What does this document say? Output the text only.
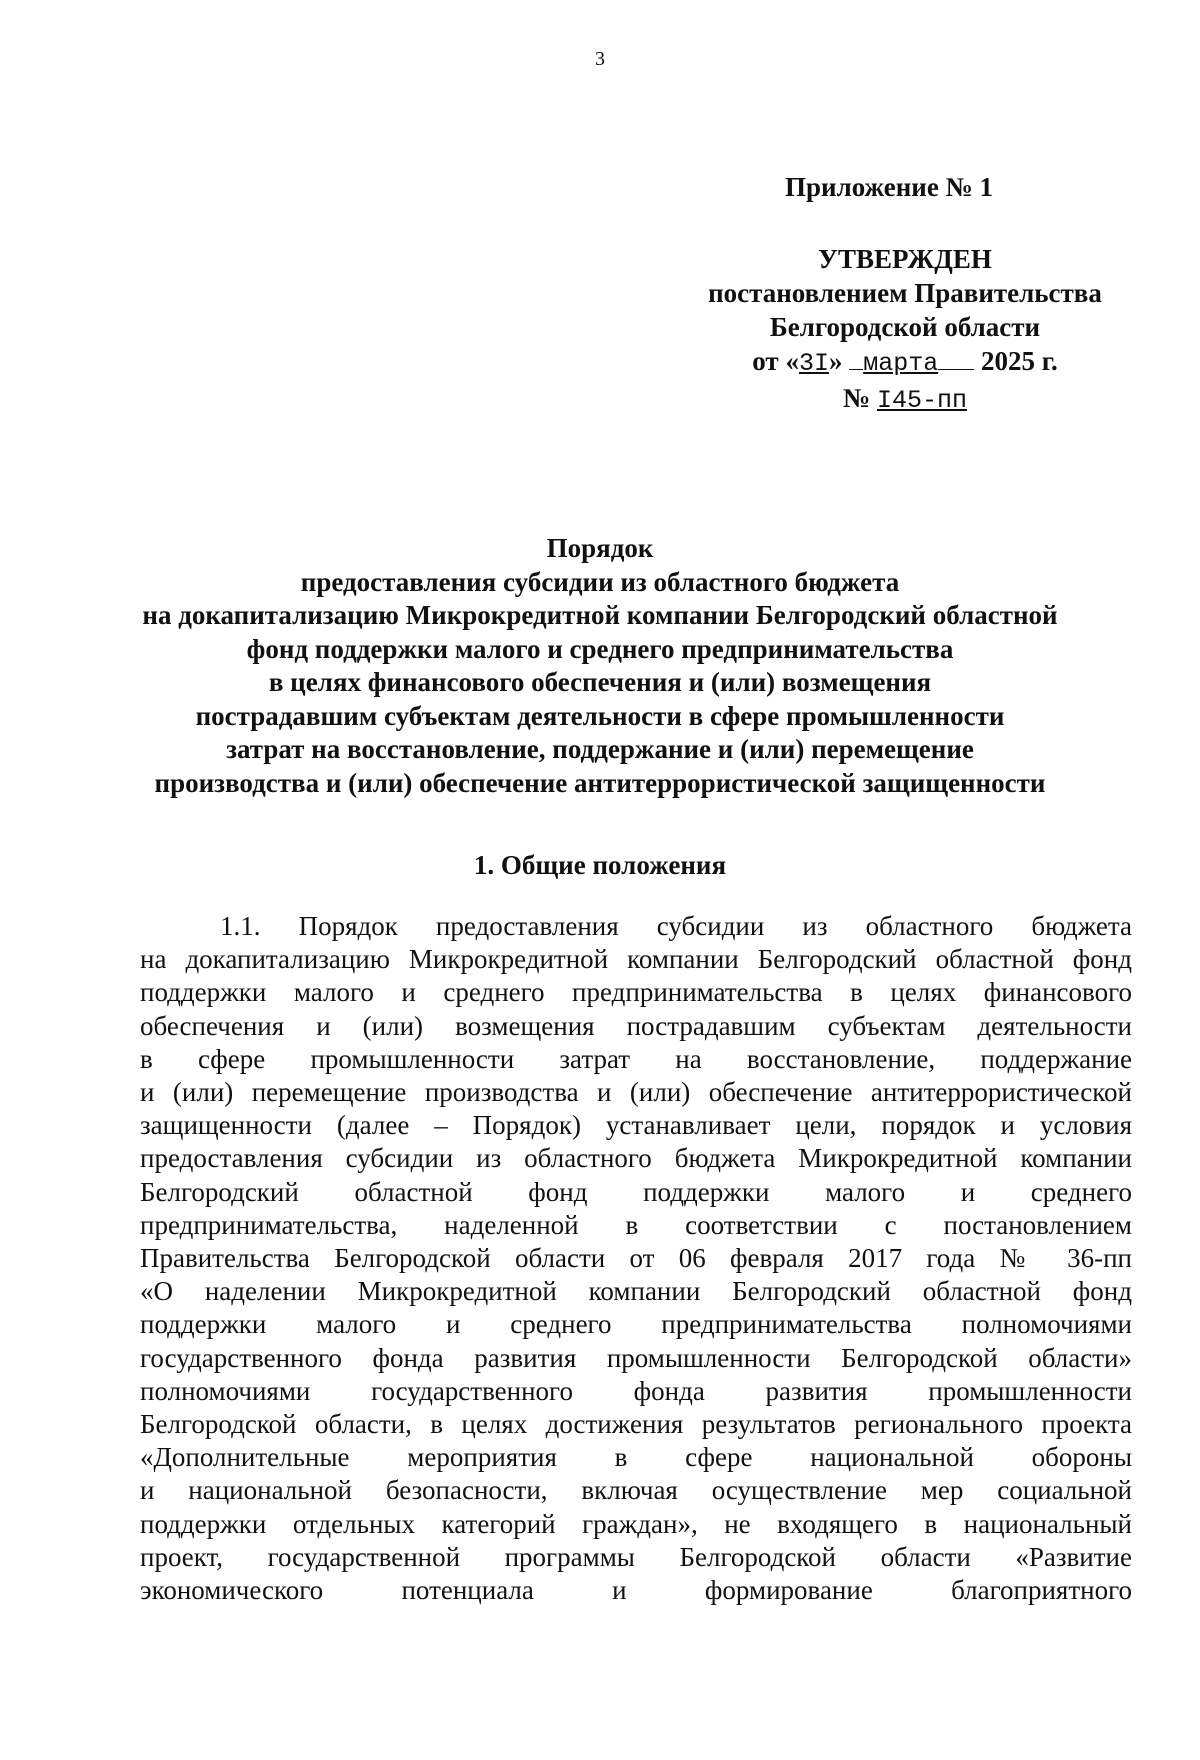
3
Приложение № 1
УТВЕРЖДЕН
постановлением Правительства
Белгородской области
от «3I» марта 2025 г.
№ I45-пп
Порядок
предоставления субсидии из областного бюджета
на докапитализацию Микрокредитной компании Белгородский областной
фонд поддержки малого и среднего предпринимательства
в целях финансового обеспечения и (или) возмещения
пострадавшим субъектам деятельности в сфере промышленности
затрат на восстановление, поддержание и (или) перемещение
производства и (или) обеспечение антитеррористической защищенности
1. Общие положения
1.1. Порядок предоставления субсидии из областного бюджета
на докапитализацию Микрокредитной компании Белгородский областной фонд
поддержки малого и среднего предпринимательства в целях финансового
обеспечения и (или) возмещения пострадавшим субъектам деятельности
в сфере промышленности затрат на восстановление, поддержание
и (или) перемещение производства и (или) обеспечение антитеррористической
защищенности (далее – Порядок) устанавливает цели, порядок и условия
предоставления субсидии из областного бюджета Микрокредитной компании
Белгородский областной фонд поддержки малого и среднего
предпринимательства, наделенной в соответствии с постановлением
Правительства Белгородской области от 06 февраля 2017 года № 36-пп
«О наделении Микрокредитной компании Белгородский областной фонд
поддержки малого и среднего предпринимательства полномочиями
государственного фонда развития промышленности Белгородской области»
полномочиями государственного фонда развития промышленности
Белгородской области, в целях достижения результатов регионального проекта
«Дополнительные мероприятия в сфере национальной обороны
и национальной безопасности, включая осуществление мер социальной
поддержки отдельных категорий граждан», не входящего в национальный
проект, государственной программы Белгородской области «Развитие
экономического потенциала и формирование благоприятного
